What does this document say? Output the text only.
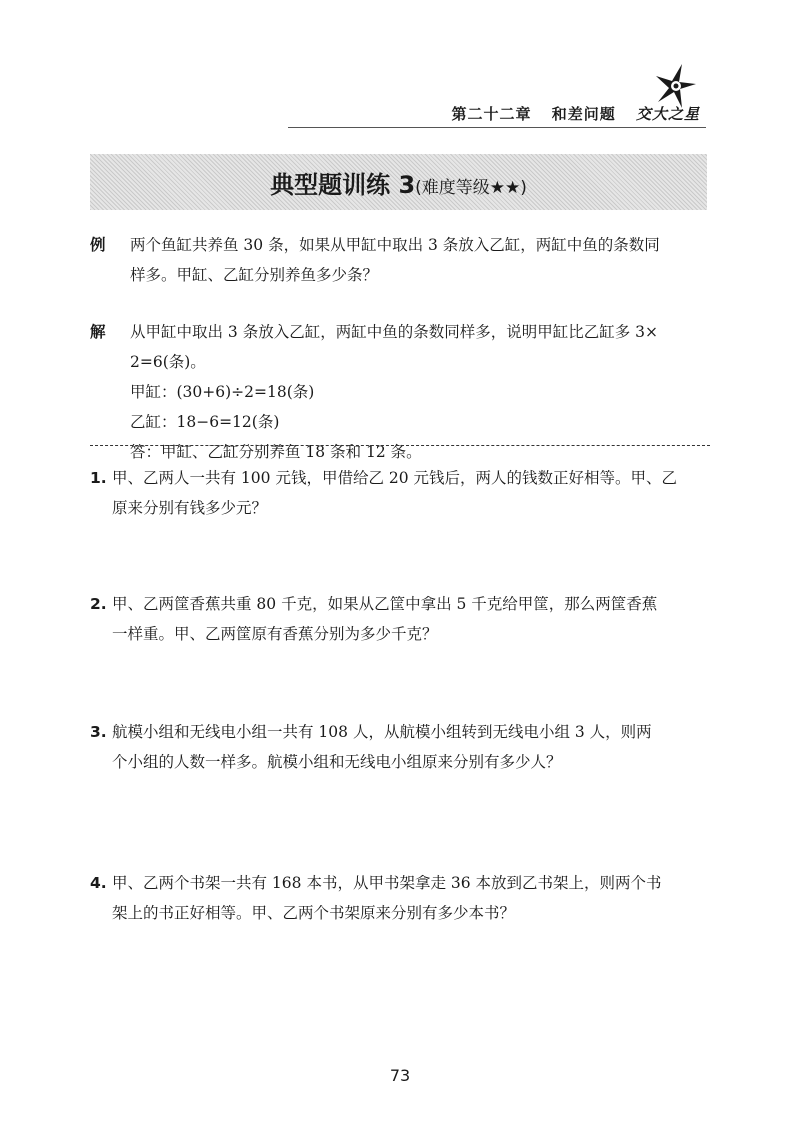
第二十二章 和差问题 交大之星
典型题训练 3(难度等级★★)
例	两个鱼缸共养鱼 30 条，如果从甲缸中取出 3 条放入乙缸，两缸中鱼的条数同

样多。甲缸、乙缸分别养鱼多少条？

解	从甲缸中取出 3 条放入乙缸，两缸中鱼的条数同样多，说明甲缸比乙缸多 3×

2=6(条)。

甲缸：(30+6)÷2=18(条)

乙缸：18−6=12(条)

答：甲缸、乙缸分别养鱼 18 条和 12 条。

1. 甲、乙两人一共有 100 元钱，甲借给乙 20 元钱后，两人的钱数正好相等。甲、乙

原来分别有钱多少元？

2. 甲、乙两筐香蕉共重 80 千克，如果从乙筐中拿出 5 千克给甲筐，那么两筐香蕉

一样重。甲、乙两筐原有香蕉分别为多少千克？

3. 航模小组和无线电小组一共有 108 人，从航模小组转到无线电小组 3 人，则两

个小组的人数一样多。航模小组和无线电小组原来分别有多少人？

4. 甲、乙两个书架一共有 168 本书，从甲书架拿走 36 本放到乙书架上，则两个书

架上的书正好相等。甲、乙两个书架原来分别有多少本书？

73
